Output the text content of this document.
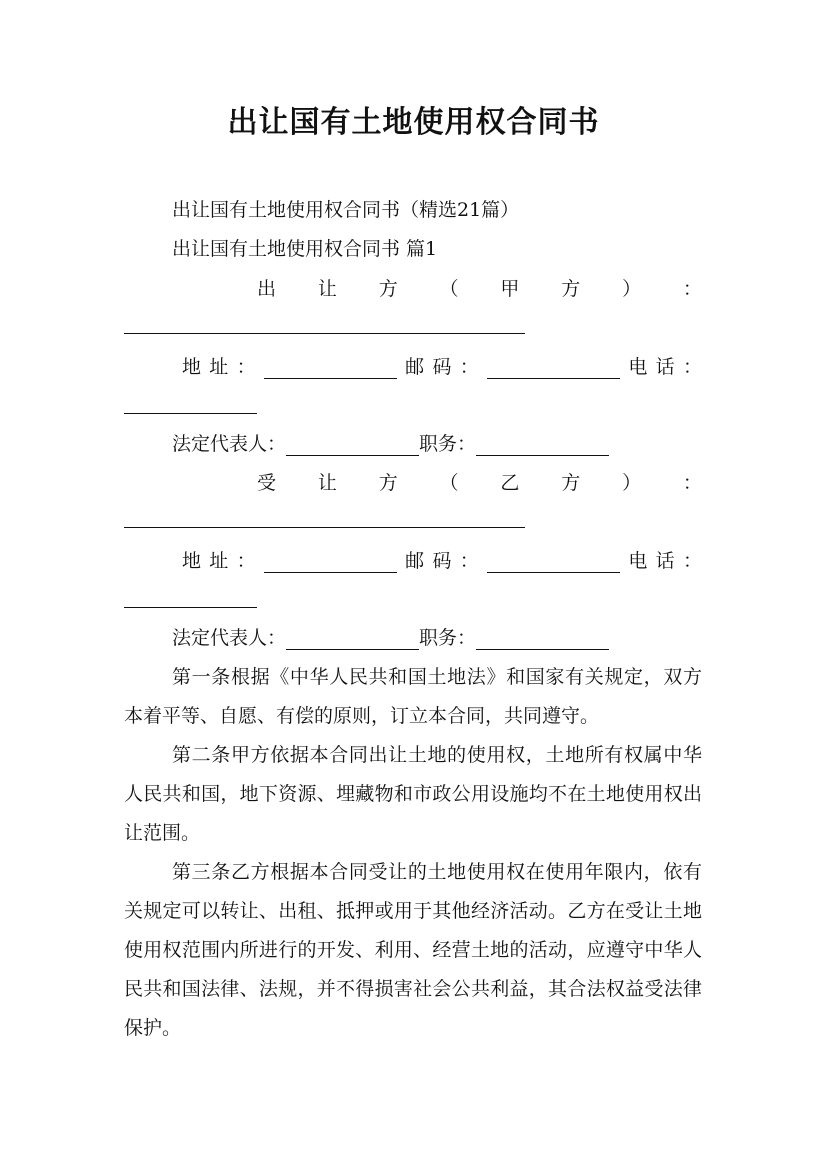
出让国有土地使用权合同书
出让国有土地使用权合同书（精选21篇）
出让国有土地使用权合同书 篇1
出 让 方 （ 甲 方 ） ：
地 址 ：	邮 码 ：	电 话 ：
法定代表人：	职务：
受 让 方 （ 乙 方 ） ：
地 址 ：	邮 码 ：	电 话 ：
法定代表人：	职务：
第一条根据《中华人民共和国土地法》和国家有关规定，双方本着平等、自愿、有偿的原则，订立本合同，共同遵守。
第二条甲方依据本合同出让土地的使用权，土地所有权属中华人民共和国，地下资源、埋藏物和市政公用设施均不在土地使用权出让范围。
第三条乙方根据本合同受让的土地使用权在使用年限内，依有关规定可以转让、出租、抵押或用于其他经济活动。乙方在受让土地使用权范围内所进行的开发、利用、经营土地的活动，应遵守中华人民共和国法律、法规，并不得损害社会公共利益，其合法权益受法律保护。
